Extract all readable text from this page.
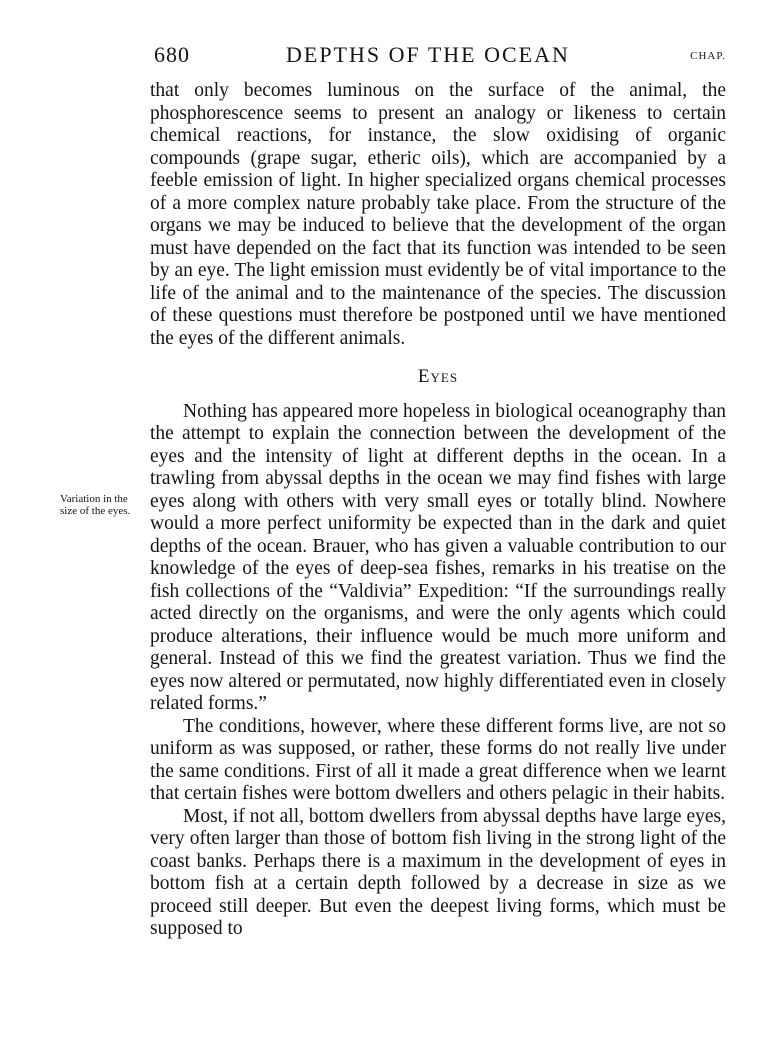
680	DEPTHS OF THE OCEAN	CHAP.
Variation in the size of the eyes.

that only becomes luminous on the surface of the animal, the phosphorescence seems to present an analogy or likeness to certain chemical reactions, for instance, the slow oxidising of organic compounds (grape sugar, etheric oils), which are accompanied by a feeble emission of light. In higher specialized organs chemical processes of a more complex nature probably take place. From the structure of the organs we may be induced to believe that the development of the organ must have depended on the fact that its function was intended to be seen by an eye. The light emission must evidently be of vital importance to the life of the animal and to the maintenance of the species. The discussion of these questions must therefore be postponed until we have mentioned the eyes of the different animals.

Eyes

Nothing has appeared more hopeless in biological oceanography than the attempt to explain the connection between the development of the eyes and the intensity of light at different depths in the ocean. In a trawling from abyssal depths in the ocean we may find fishes with large eyes along with others with very small eyes or totally blind. Nowhere would a more perfect uniformity be expected than in the dark and quiet depths of the ocean. Brauer, who has given a valuable contribution to our knowledge of the eyes of deep-sea fishes, remarks in his treatise on the fish collections of the “Valdivia” Expedition: “If the surroundings really acted directly on the organisms, and were the only agents which could produce alterations, their influence would be much more uniform and general. Instead of this we find the greatest variation. Thus we find the eyes now altered or permutated, now highly differentiated even in closely related forms.”

The conditions, however, where these different forms live, are not so uniform as was supposed, or rather, these forms do not really live under the same conditions. First of all it made a great difference when we learnt that certain fishes were bottom dwellers and others pelagic in their habits.

Most, if not all, bottom dwellers from abyssal depths have large eyes, very often larger than those of bottom fish living in the strong light of the coast banks. Perhaps there is a maximum in the development of eyes in bottom fish at a certain depth followed by a decrease in size as we proceed still deeper. But even the deepest living forms, which must be supposed to
